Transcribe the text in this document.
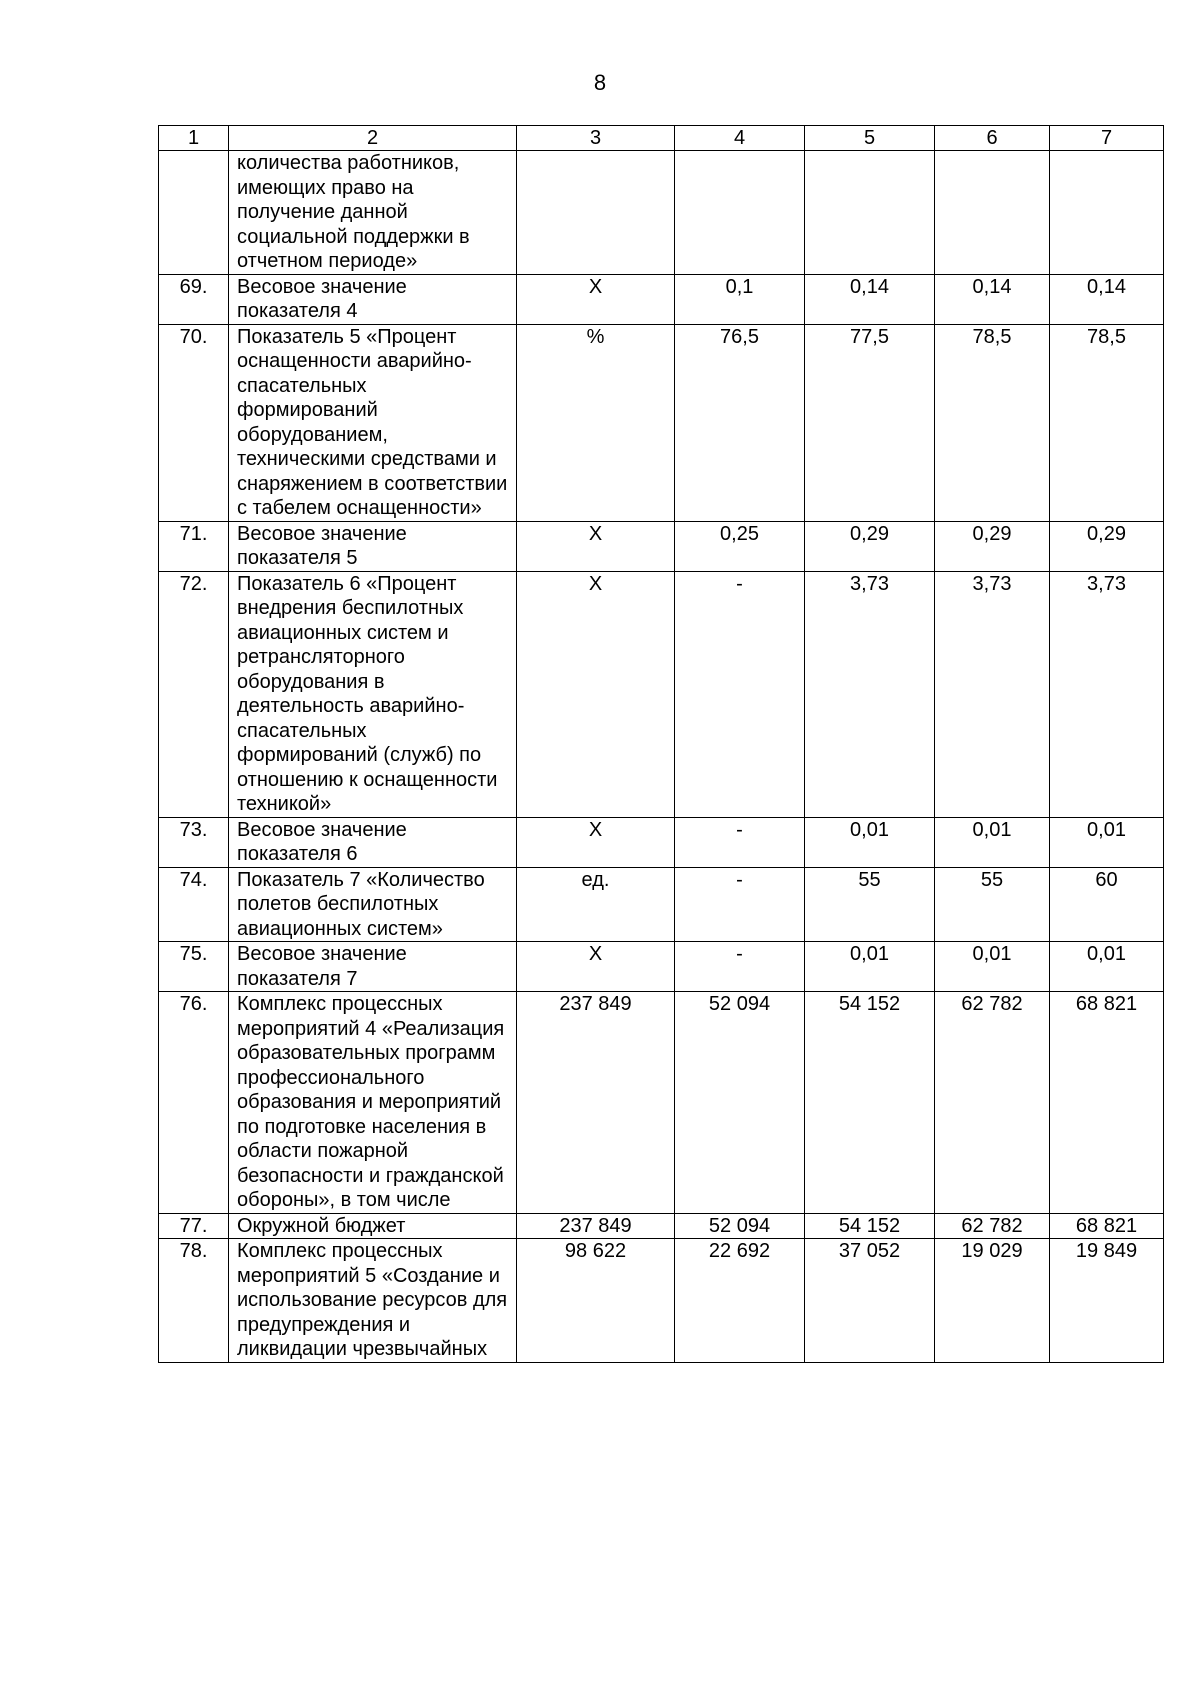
8
1	2	3	4	5	6	7
	количества работников, имеющих право на получение данной социальной поддержки в отчетном периоде»					
69.	Весовое значение показателя 4	X	0,1	0,14	0,14	0,14
70.	Показатель 5 «Процент оснащенности аварийно-спасательных формирований оборудованием, техническими средствами и снаряжением в соответствии с табелем оснащенности»	%	76,5	77,5	78,5	78,5
71.	Весовое значение показателя 5	X	0,25	0,29	0,29	0,29
72.	Показатель 6 «Процент внедрения беспилотных авиационных систем и ретрансляторного оборудования в деятельность аварийно-спасательных формирований (служб) по отношению к оснащенности техникой»	X	-	3,73	3,73	3,73
73.	Весовое значение показателя 6	X	-	0,01	0,01	0,01
74.	Показатель 7 «Количество полетов беспилотных авиационных систем»	ед.	-	55	55	60
75.	Весовое значение показателя 7	X	-	0,01	0,01	0,01
76.	Комплекс процессных мероприятий 4 «Реализация образовательных программ профессионального образования и мероприятий по подготовке населения в области пожарной безопасности и гражданской обороны», в том числе	237 849	52 094	54 152	62 782	68 821
77.	Окружной бюджет	237 849	52 094	54 152	62 782	68 821
78.	Комплекс процессных мероприятий 5 «Создание и использование ресурсов для предупреждения и ликвидации чрезвычайных	98 622	22 692	37 052	19 029	19 849
